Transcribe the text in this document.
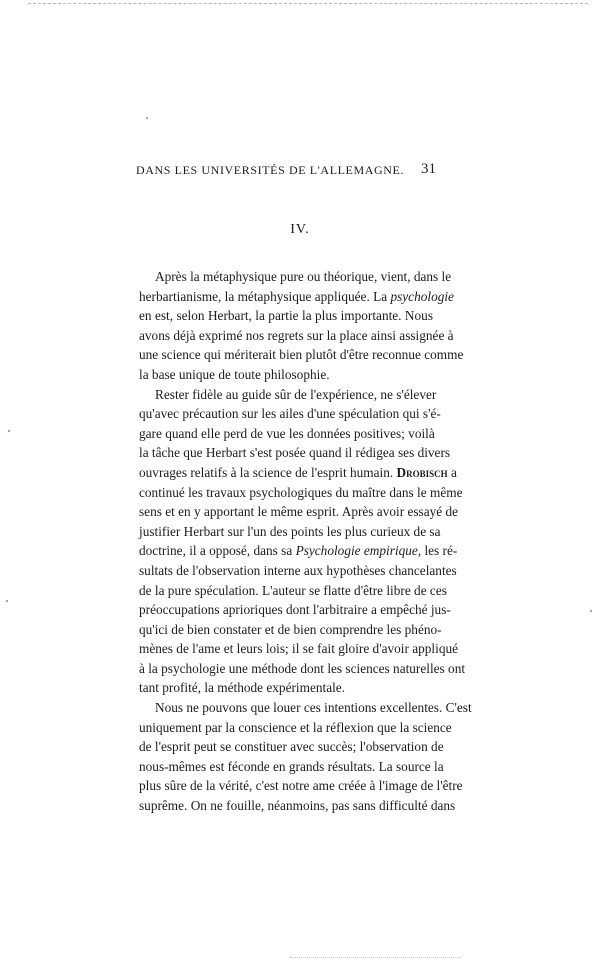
DANS LES UNIVERSITÉS DE L'ALLEMAGNE. 31
IV.
Après la métaphysique pure ou théorique, vient, dans le
herbartianisme, la métaphysique appliquée. La psychologie
en est, selon Herbart, la partie la plus importante. Nous
avons déjà exprimé nos regrets sur la place ainsi assignée à
une science qui mériterait bien plutôt d'être reconnue comme
la base unique de toute philosophie.
Rester fidèle au guide sûr de l'expérience, ne s'élever
qu'avec précaution sur les ailes d'une spéculation qui s'é-
gare quand elle perd de vue les données positives; voilà
la tâche que Herbart s'est posée quand il rédigea ses divers
ouvrages relatifs à la science de l'esprit humain. Drobisch a
continué les travaux psychologiques du maître dans le même
sens et en y apportant le même esprit. Après avoir essayé de
justifier Herbart sur l'un des points les plus curieux de sa
doctrine, il a opposé, dans sa Psychologie empirique, les ré-
sultats de l'observation interne aux hypothèses chancelantes
de la pure spéculation. L'auteur se flatte d'être libre de ces
préoccupations aprioriques dont l'arbitraire a empêché jus-
qu'ici de bien constater et de bien comprendre les phéno-
mènes de l'ame et leurs lois; il se fait gloire d'avoir appliqué
à la psychologie une méthode dont les sciences naturelles ont
tant profité, la méthode expérimentale.
Nous ne pouvons que louer ces intentions excellentes. C'est
uniquement par la conscience et la réflexion que la science
de l'esprit peut se constituer avec succès; l'observation de
nous-mêmes est féconde en grands résultats. La source la
plus sûre de la vérité, c'est notre ame créée à l'image de l'être
suprême. On ne fouille, néanmoins, pas sans difficulté dans
